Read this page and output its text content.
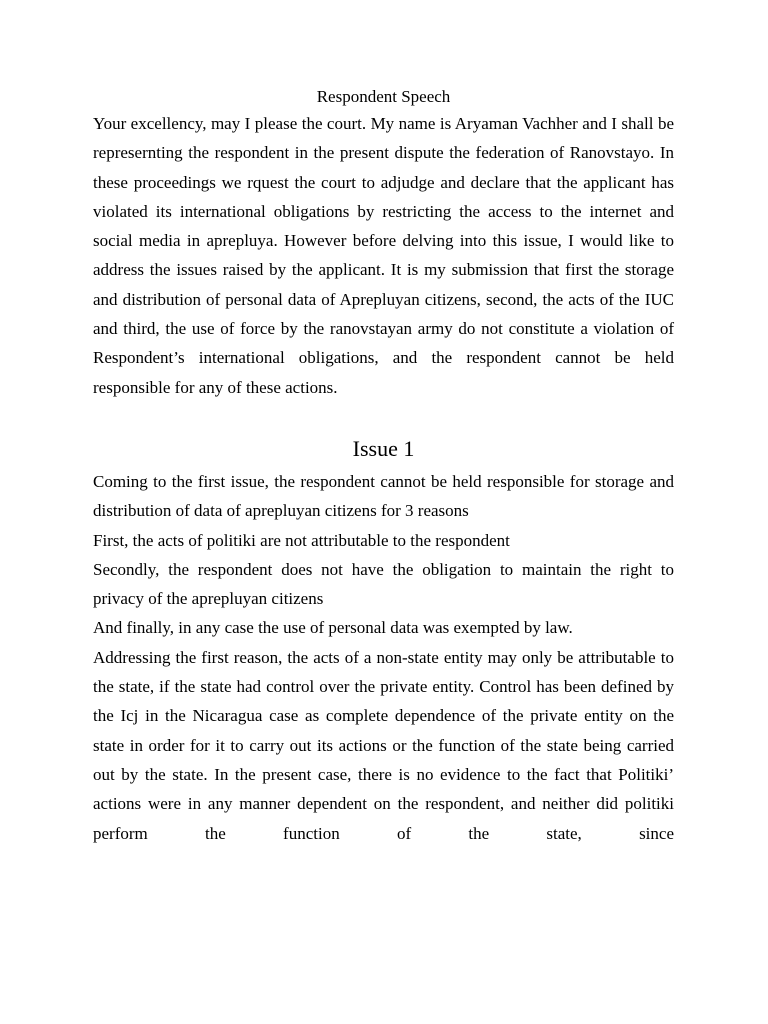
Respondent Speech

Your excellency, may I please the court. My name is Aryaman Vachher and I shall be represernting the respondent in the present dispute the federation of Ranovstayo. In these proceedings we rquest the court to adjudge and declare that the applicant has violated its international obligations by restricting the access to the internet and social media in aprepluya. However before delving into this issue, I would like to address the issues raised by the applicant. It is my submission that first the storage and distribution of personal data of Aprepluyan citizens, second, the acts of the IUC and third, the use of force by the ranovstayan army do not constitute a violation of Respondent’s international obligations, and the respondent cannot be held responsible for any of these actions.

Issue 1

Coming to the first issue, the respondent cannot be held responsible for storage and distribution of data of aprepluyan citizens for 3 reasons

First, the acts of politiki are not attributable to the respondent

Secondly, the respondent does not have the obligation to maintain the right to privacy of the aprepluyan citizens

And finally, in any case the use of personal data was exempted by law.

Addressing the first reason, the acts of a non-state entity may only be attributable to the state, if the state had control over the private entity. Control has been defined by the Icj in the Nicaragua case as complete dependence of the private entity on the state in order for it to carry out its actions or the function of the state being carried out by the state. In the present case, there is no evidence to the fact that Politiki’ actions were in any manner dependent on the respondent, and neither did politiki perform the function of the state, since
